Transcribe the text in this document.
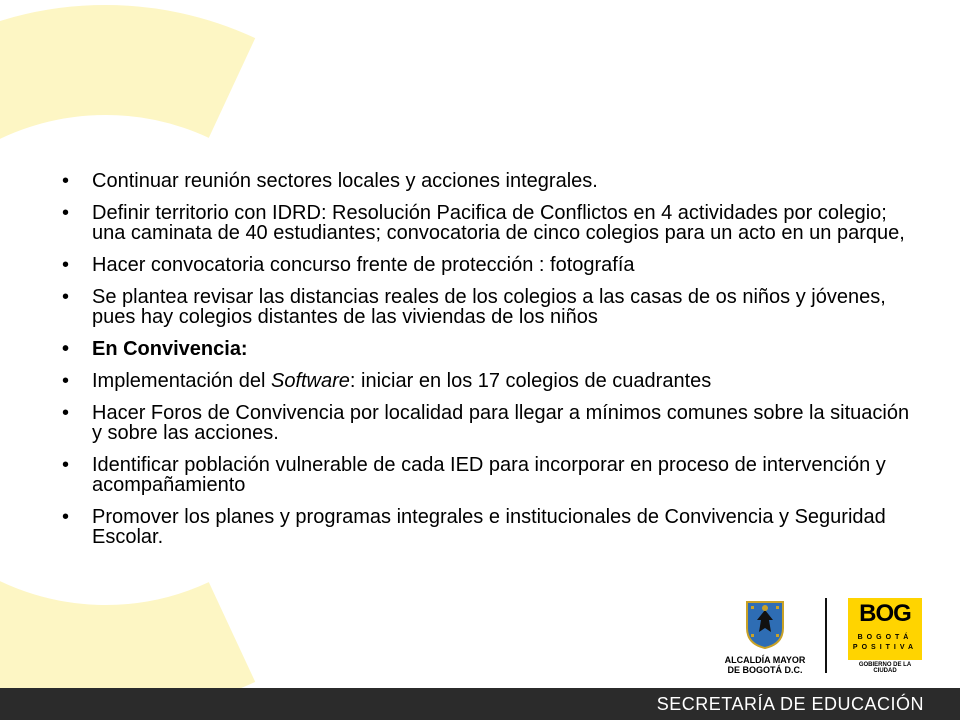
• Continuar reunión sectores locales y acciones integrales.
• Definir territorio con IDRD: Resolución Pacifica de Conflictos en 4 actividades por colegio; una caminata de 40 estudiantes; convocatoria de cinco colegios para un acto en un parque,
• Hacer convocatoria concurso frente de protección : fotografía
• Se plantea revisar las distancias reales de los colegios a las casas de os niños y jóvenes, pues hay colegios distantes de las viviendas de los niños
• En Convivencia:
• Implementación del Software: iniciar en los 17 colegios de cuadrantes
• Hacer Foros de Convivencia por localidad para llegar a mínimos comunes sobre la situación y sobre las acciones.
• Identificar población vulnerable de cada IED para incorporar en proceso de intervención y acompañamiento
• Promover los planes y programas integrales e institucionales de Convivencia y Seguridad Escolar.
ALCALDÍA MAYOR
DE BOGOTÁ D.C.
BOG
BOGOTÁ
POSITIVA
GOBIERNO DE LA CIUDAD
SECRETARÍA DE EDUCACIÓN
